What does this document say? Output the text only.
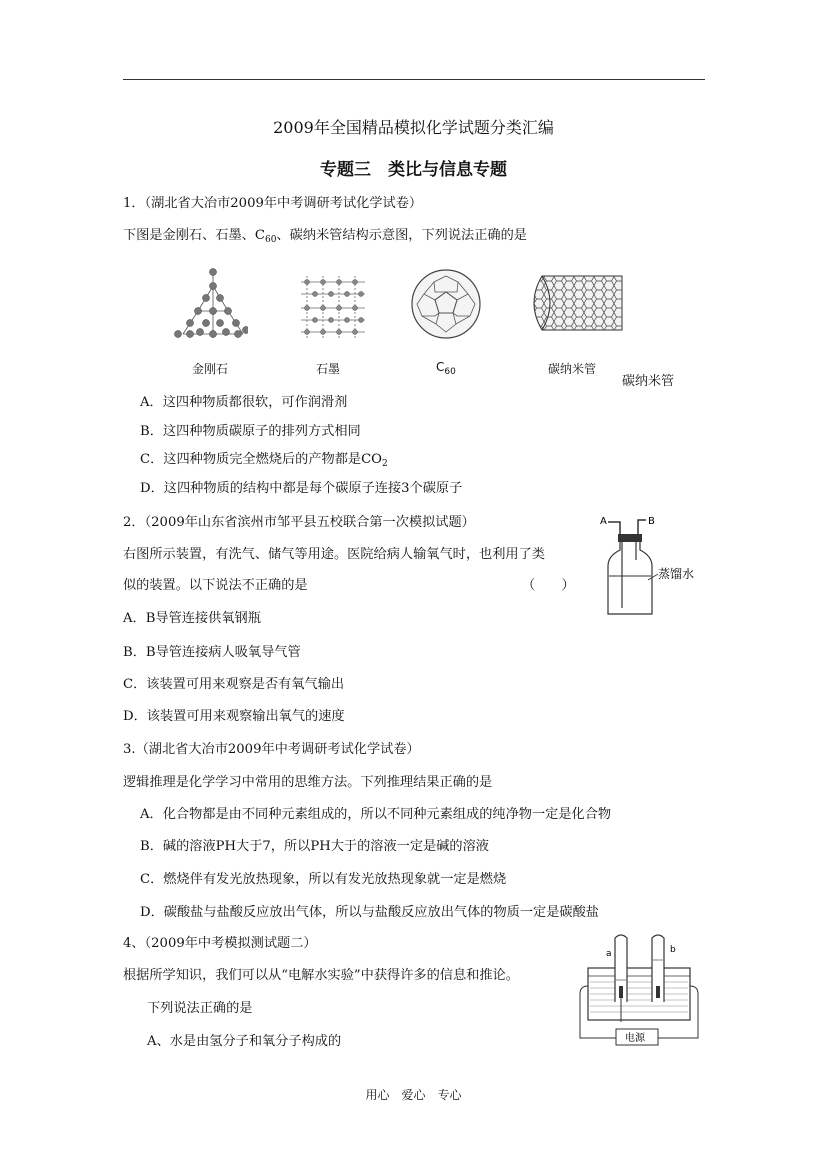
2009年全国精品模拟化学试题分类汇编
专题三　类比与信息专题
1．（湖北省大冶市2009年中考调研考试化学试卷）
下图是金刚石、石墨、$C_{60}$、碳纳米管结构示意图，下列说法正确的是
金刚石	石墨	$C_{60}$	碳纳米管
碳纳米管
A．这四种物质都很软，可作润滑剂
B．这四种物质碳原子的排列方式相同
C．这四种物质完全燃烧后的产物都是$CO_2$
D．这四种物质的结构中都是每个碳原子连接3个碳原子
2．（2009年山东省滨州市邹平县五校联合第一次模拟试题）
右图所示装置，有洗气、储气等用途。医院给病人输氧气时，也利用了类
似的装置。以下说法不正确的是	（　　）
A	B
蒸馏水
A．B导管连接供氧钢瓶
B．B导管连接病人吸氧导气管
C．该装置可用来观察是否有氧气输出
D．该装置可用来观察输出氧气的速度
3.（湖北省大冶市2009年中考调研考试化学试卷）
逻辑推理是化学学习中常用的思维方法。下列推理结果正确的是
A．化合物都是由不同种元素组成的，所以不同种元素组成的纯净物一定是化合物
B．碱的溶液PH大于7，所以PH大于的溶液一定是碱的溶液
C．燃烧伴有发光放热现象，所以有发光放热现象就一定是燃烧
D．碳酸盐与盐酸反应放出气体，所以与盐酸反应放出气体的物质一定是碳酸盐
4、（2009年中考模拟测试题二）
根据所学知识，我们可以从“电解水实验”中获得许多的信息和推论。
下列说法正确的是
A、水是由氢分子和氧分子构成的
a	b
电源
用心　爱心　专心
